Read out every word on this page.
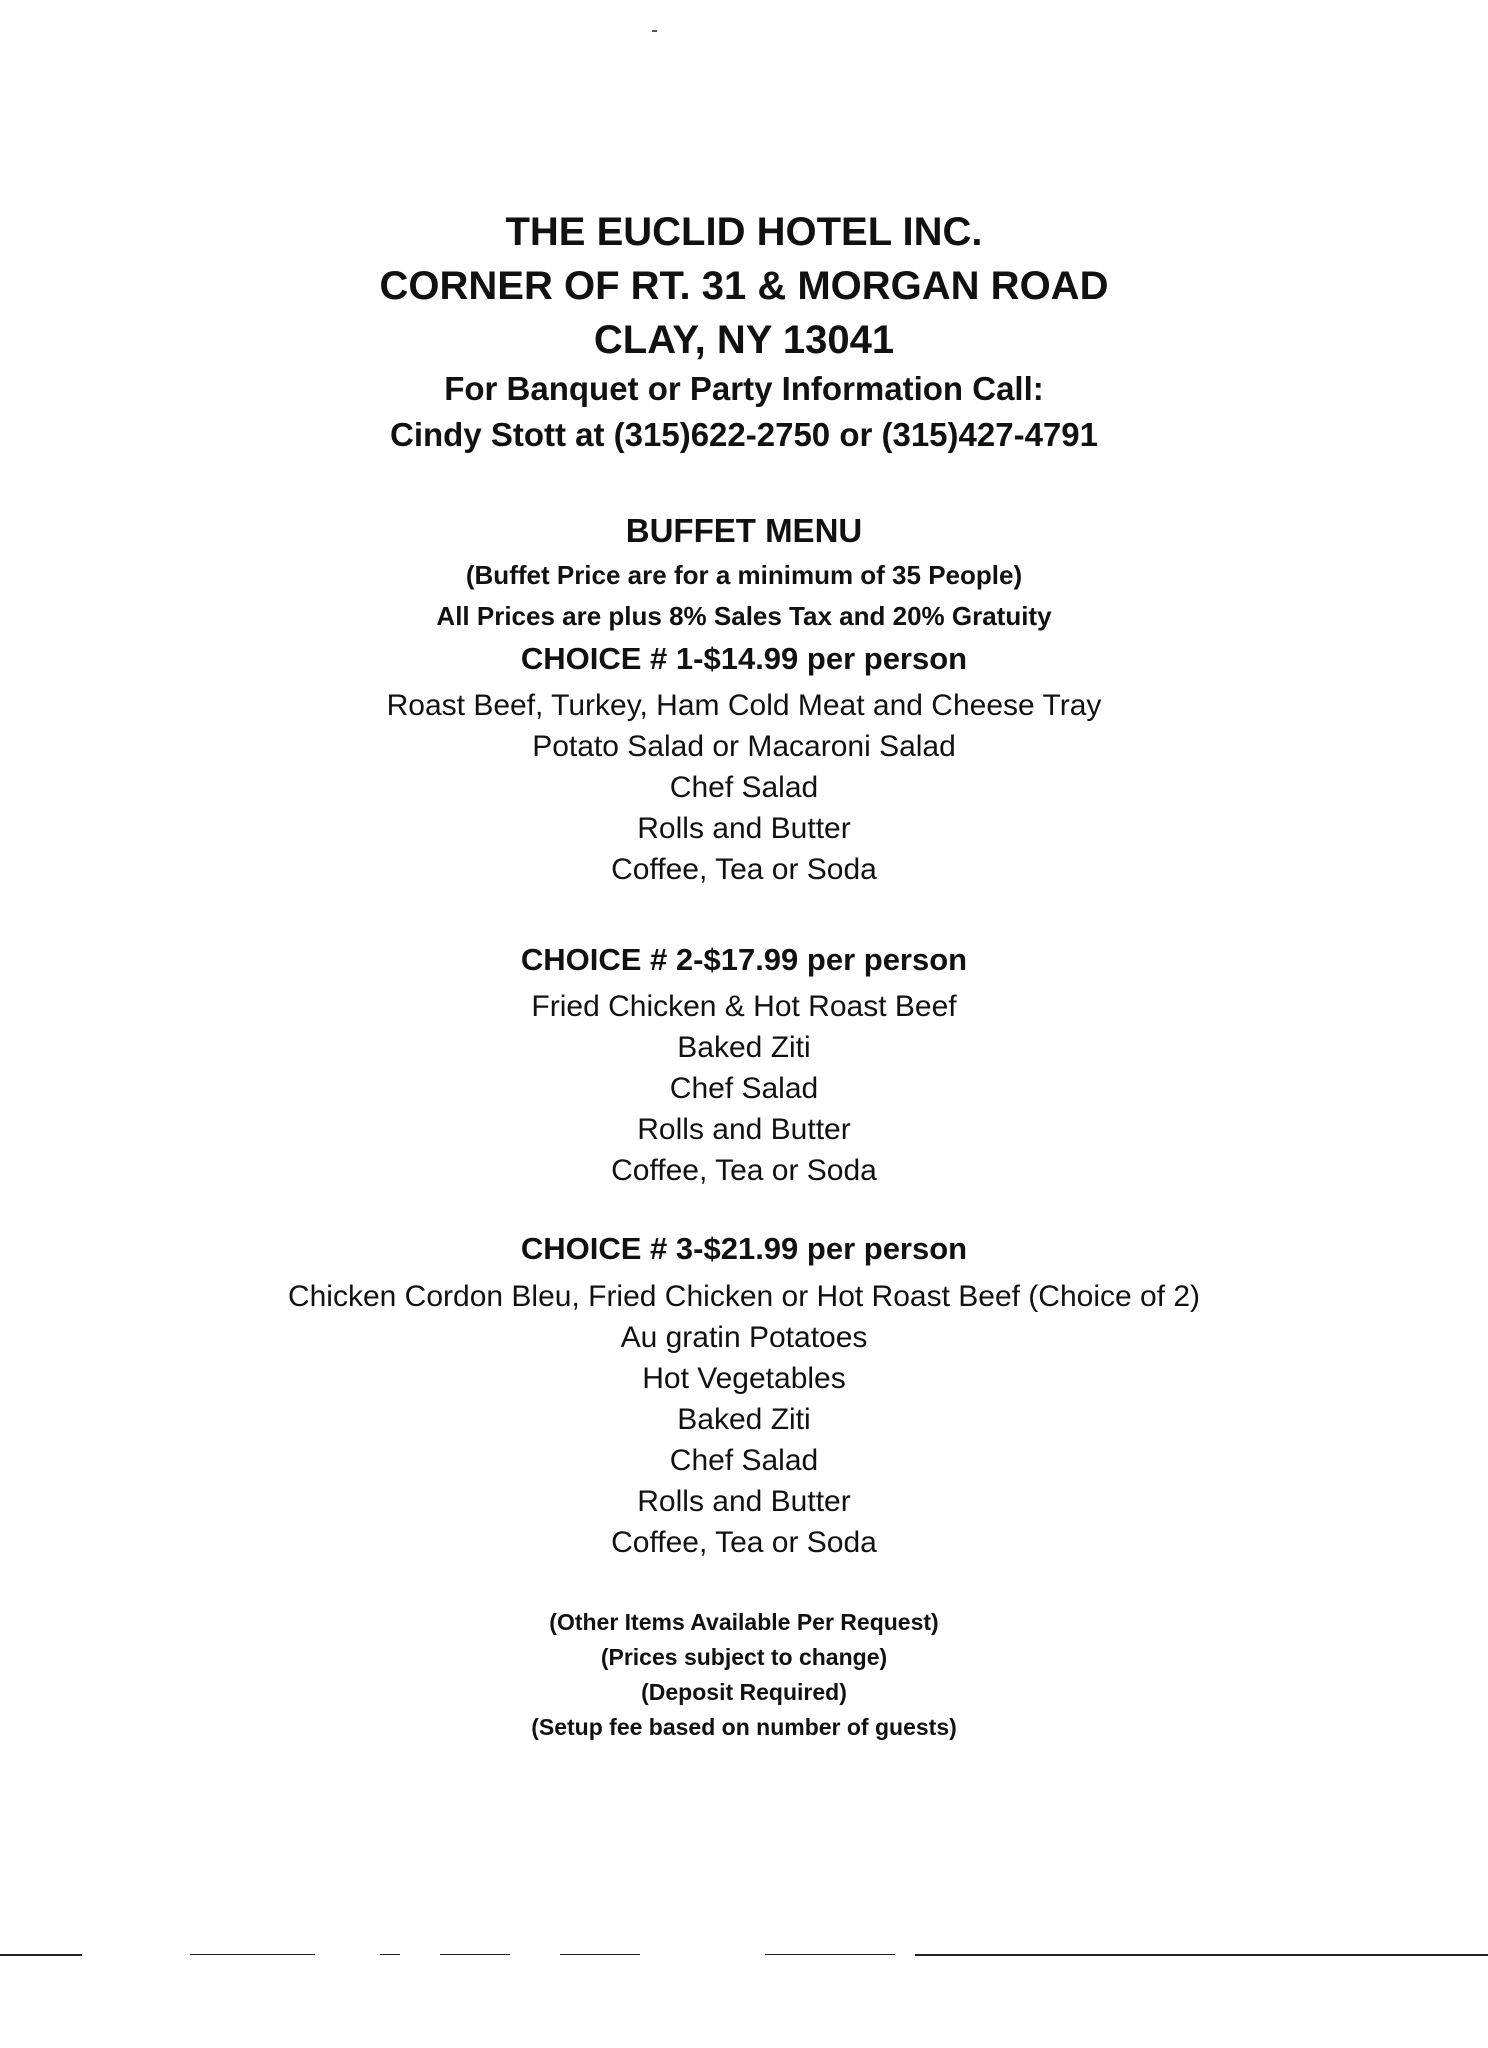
THE EUCLID HOTEL INC.
CORNER OF RT. 31 & MORGAN ROAD
CLAY, NY 13041
For Banquet or Party Information Call:
Cindy Stott at (315)622-2750 or (315)427-4791
BUFFET MENU
(Buffet Price are for a minimum of 35 People)
All Prices are plus 8% Sales Tax and 20% Gratuity
CHOICE # 1-$14.99 per person
Roast Beef, Turkey, Ham Cold Meat and Cheese Tray
Potato Salad or Macaroni Salad
Chef Salad
Rolls and Butter
Coffee, Tea or Soda
CHOICE # 2-$17.99 per person
Fried Chicken & Hot Roast Beef
Baked Ziti
Chef Salad
Rolls and Butter
Coffee, Tea or Soda
CHOICE # 3-$21.99 per person
Chicken Cordon Bleu, Fried Chicken or Hot Roast Beef (Choice of 2)
Au gratin Potatoes
Hot Vegetables
Baked Ziti
Chef Salad
Rolls and Butter
Coffee, Tea or Soda
(Other Items Available Per Request)
(Prices subject to change)
(Deposit Required)
(Setup fee based on number of guests)
